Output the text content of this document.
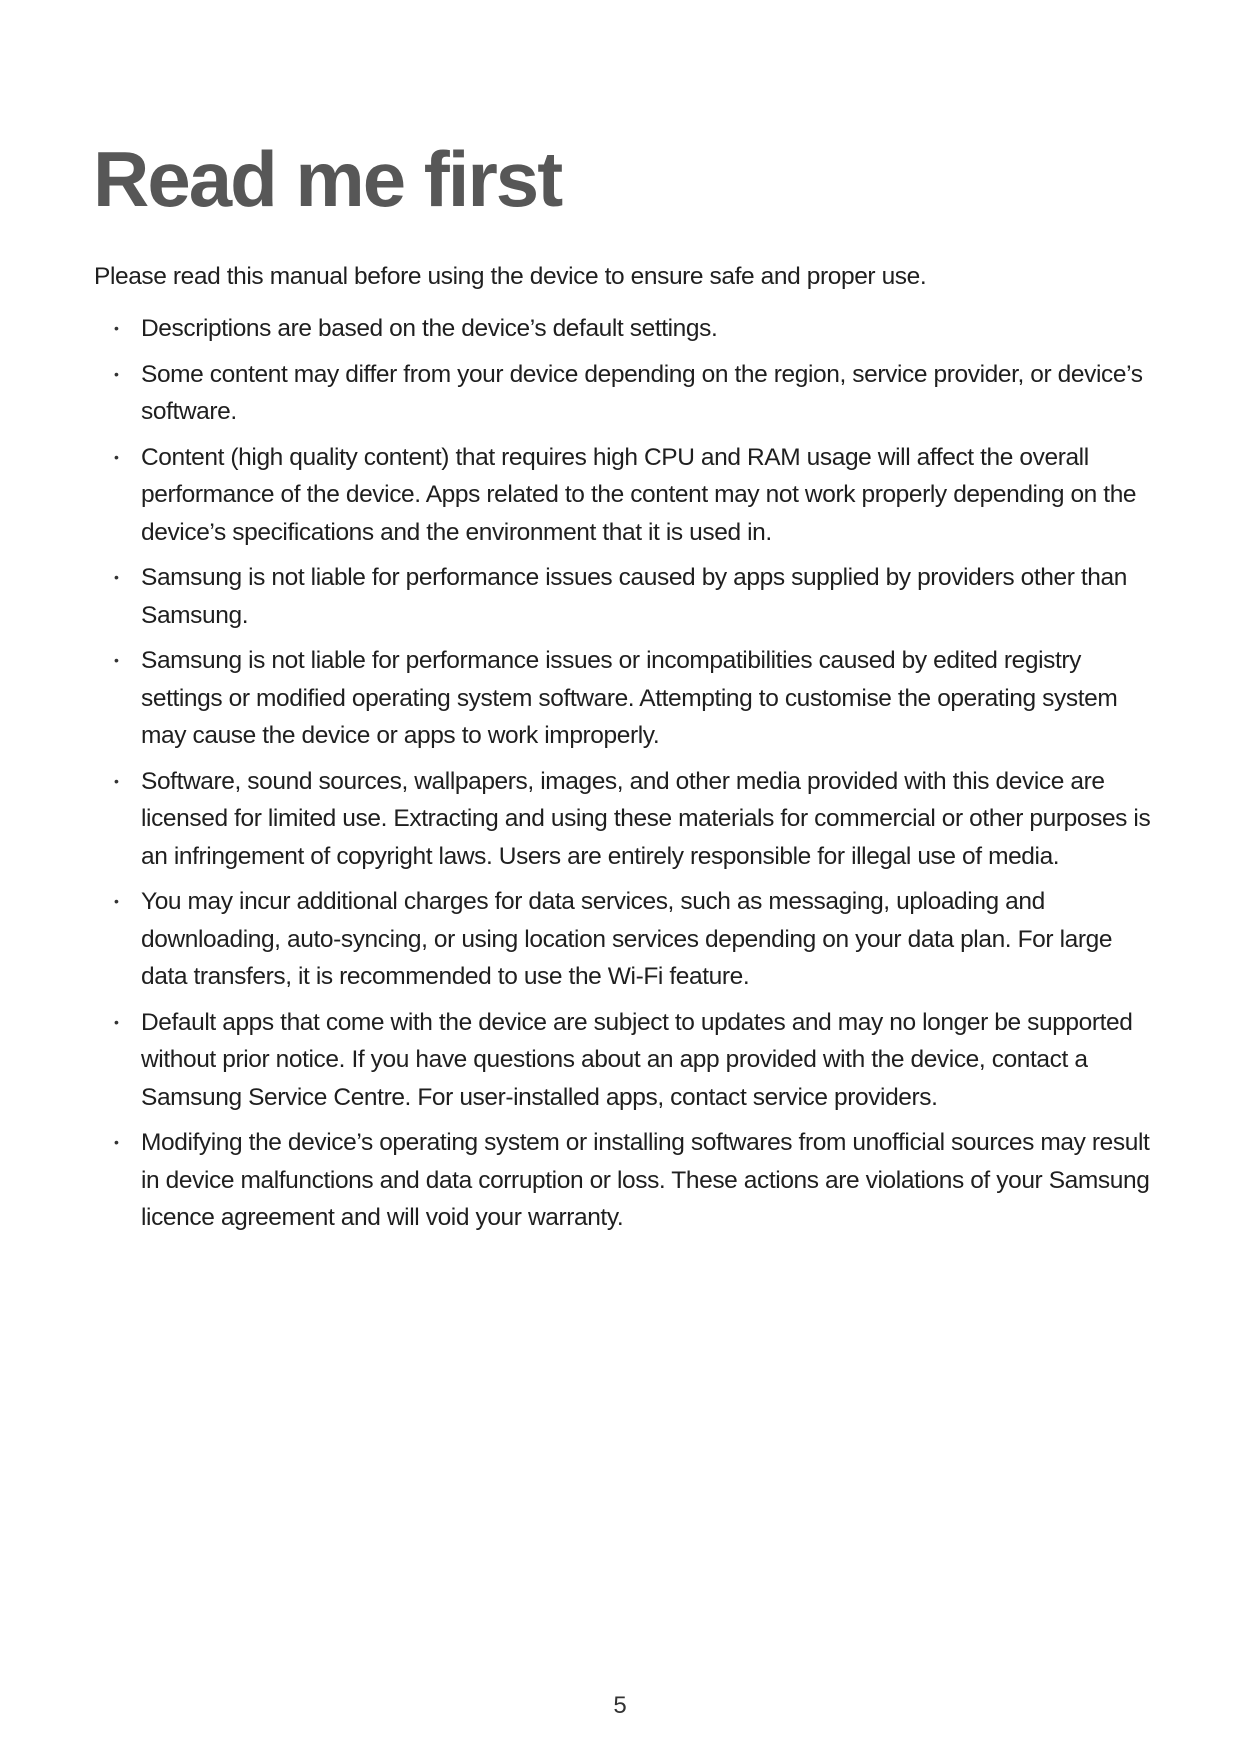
Read me first

Please read this manual before using the device to ensure safe and proper use.

• Descriptions are based on the device’s default settings.
• Some content may differ from your device depending on the region, service provider, or device’s software.
• Content (high quality content) that requires high CPU and RAM usage will affect the overall performance of the device. Apps related to the content may not work properly depending on the device’s specifications and the environment that it is used in.
• Samsung is not liable for performance issues caused by apps supplied by providers other than Samsung.
• Samsung is not liable for performance issues or incompatibilities caused by edited registry settings or modified operating system software. Attempting to customise the operating system may cause the device or apps to work improperly.
• Software, sound sources, wallpapers, images, and other media provided with this device are licensed for limited use. Extracting and using these materials for commercial or other purposes is an infringement of copyright laws. Users are entirely responsible for illegal use of media.
• You may incur additional charges for data services, such as messaging, uploading and downloading, auto-syncing, or using location services depending on your data plan. For large data transfers, it is recommended to use the Wi-Fi feature.
• Default apps that come with the device are subject to updates and may no longer be supported without prior notice. If you have questions about an app provided with the device, contact a Samsung Service Centre. For user-installed apps, contact service providers.
• Modifying the device’s operating system or installing softwares from unofficial sources may result in device malfunctions and data corruption or loss. These actions are violations of your Samsung licence agreement and will void your warranty.
5
